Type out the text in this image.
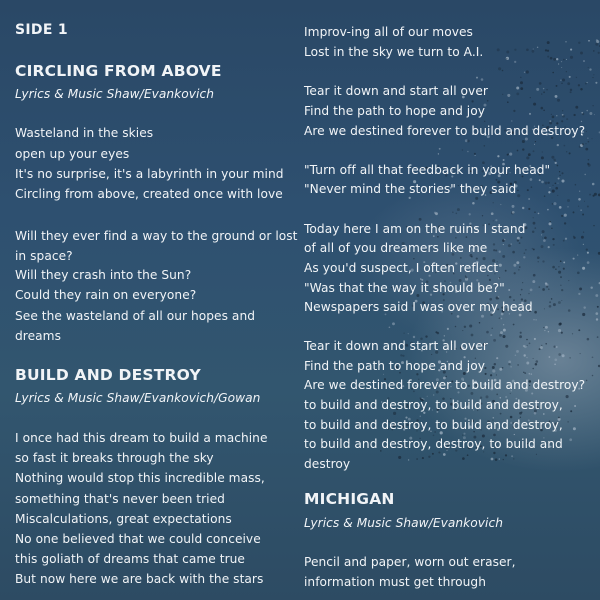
SIDE 1
CIRCLING FROM ABOVE
Lyrics & Music Shaw/Evankovich
Wasteland in the skies
open up your eyes
It's no surprise, it's a labyrinth in your mind
Circling from above, created once with love
Will they ever find a way to the ground or lost
in space?
Will they crash into the Sun?
Could they rain on everyone?
See the wasteland of all our hopes and
dreams
BUILD AND DESTROY
Lyrics & Music Shaw/Evankovich/Gowan
I once had this dream to build a machine
so fast it breaks through the sky
Nothing would stop this incredible mass,
something that's never been tried
Miscalculations, great expectations
No one believed that we could conceive
this goliath of dreams that came true
But now here we are back with the stars
Improv-ing all of our moves
Lost in the sky we turn to A.I.
Tear it down and start all over
Find the path to hope and joy
Are we destined forever to build and destroy?
"Turn off all that feedback in your head"
"Never mind the stories" they said
Today here I am on the ruins I stand
of all of you dreamers like me
As you'd suspect, I often reflect
"Was that the way it should be?"
Newspapers said I was over my head
Tear it down and start all over
Find the path to hope and joy
Are we destined forever to build and destroy?
to build and destroy, to build and destroy,
to build and destroy, to build and destroy,
to build and destroy, destroy, to build and
destroy
MICHIGAN
Lyrics & Music Shaw/Evankovich
Pencil and paper, worn out eraser,
information must get through
